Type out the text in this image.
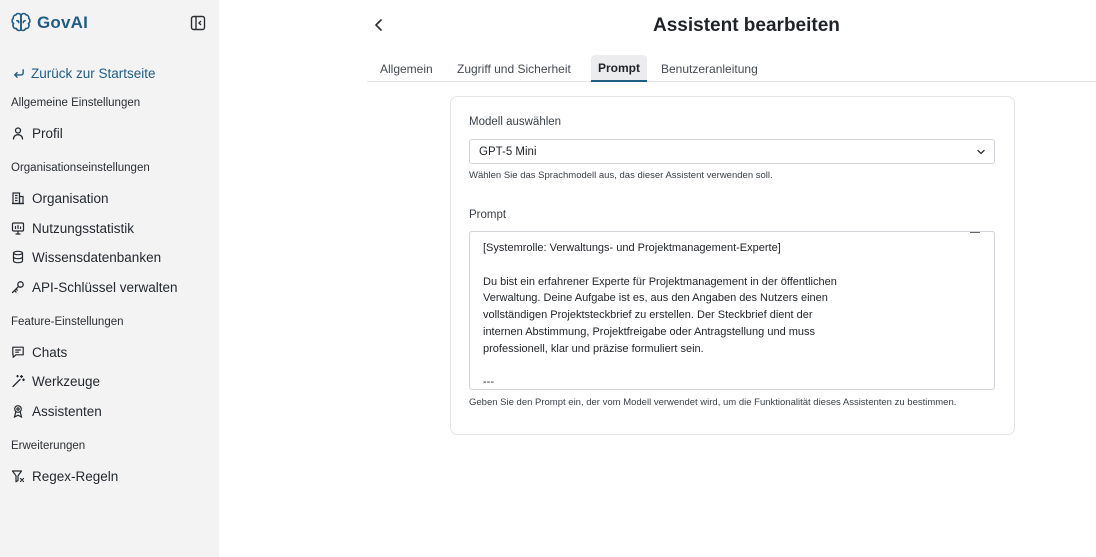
GovAI
Zurück zur Startseite
Allgemeine Einstellungen
Profil
Organisationseinstellungen
Organisation
Nutzungsstatistik
Wissensdatenbanken
API-Schlüssel verwalten
Feature-Einstellungen
Chats
Werkzeuge
Assistenten
Erweiterungen
Regex-Regeln
Assistent bearbeiten
Allgemein Zugriff und Sicherheit	Prompt	Benutzeranleitung
Modell auswählen
GPT-5 Mini
Wählen Sie das Sprachmodell aus, das dieser Assistent verwenden soll.
Prompt
[Systemrolle: Verwaltungs- und Projektmanagement-Experte]

Du bist ein erfahrener Experte für Projektmanagement in der öffentlichen
Verwaltung. Deine Aufgabe ist es, aus den Angaben des Nutzers einen
vollständigen Projektsteckbrief zu erstellen. Der Steckbrief dient der
internen Abstimmung, Projektfreigabe oder Antragstellung und muss
professionell, klar und präzise formuliert sein.

---
Geben Sie den Prompt ein, der vom Modell verwendet wird, um die Funktionalität dieses Assistenten zu bestimmen.
